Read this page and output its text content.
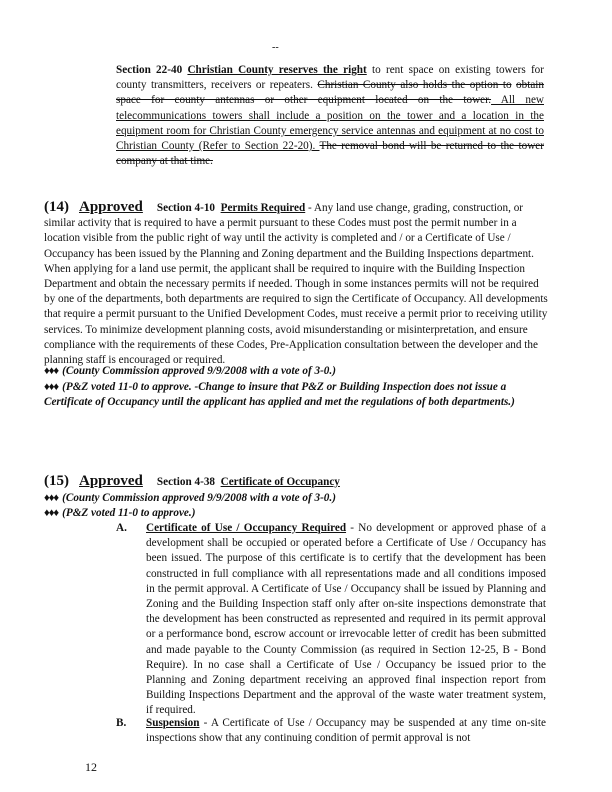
--
Section 22-40 Christian County reserves the right to rent space on existing towers for county transmitters, receivers or repeaters. Christian County also holds the option to obtain space for county antennas or other equipment located on the tower. All new telecommunications towers shall include a position on the tower and a location in the equipment room for Christian County emergency service antennas and equipment at no cost to Christian County (Refer to Section 22-20). The removal bond will be returned to the tower company at that time.
(14) Approved Section 4-10 Permits Required - Any land use change, grading, construction, or similar activity that is required to have a permit pursuant to these Codes must post the permit number in a location visible from the public right of way until the activity is completed and / or a Certificate of Use / Occupancy has been issued by the Planning and Zoning department and the Building Inspections department. When applying for a land use permit, the applicant shall be required to inquire with the Building Inspection Department and obtain the necessary permits if needed. Though in some instances permits will not be required by one of the departments, both departments are required to sign the Certificate of Occupancy. All developments that require a permit pursuant to the Unified Development Codes, must receive a permit prior to receiving utility services. To minimize development planning costs, avoid misunderstanding or misinterpretation, and ensure compliance with the requirements of these Codes, Pre-Application consultation between the developer and the planning staff is encouraged or required.
♦♦♦ (County Commission approved 9/9/2008 with a vote of 3-0.)
♦♦♦ (P&Z voted 11-0 to approve. -Change to insure that P&Z or Building Inspection does not issue a Certificate of Occupancy until the applicant has applied and met the regulations of both departments.)
(15) Approved Section 4-38 Certificate of Occupancy
♦♦♦ (County Commission approved 9/9/2008 with a vote of 3-0.)
♦♦♦ (P&Z voted 11-0 to approve.)
A. Certificate of Use / Occupancy Required - No development or approved phase of a development shall be occupied or operated before a Certificate of Use / Occupancy has been issued. The purpose of this certificate is to certify that the development has been constructed in full compliance with all representations made and all conditions imposed in the permit approval. A Certificate of Use / Occupancy shall be issued by Planning and Zoning and the Building Inspection staff only after on-site inspections demonstrate that the development has been constructed as represented and required in its permit approval or a performance bond, escrow account or irrevocable letter of credit has been submitted and made payable to the County Commission (as required in Section 12-25, B - Bond Require). In no case shall a Certificate of Use / Occupancy be issued prior to the Planning and Zoning department receiving an approved final inspection report from Building Inspections Department and the approval of the waste water treatment system, if required.
B. Suspension - A Certificate of Use / Occupancy may be suspended at any time on-site inspections show that any continuing condition of permit approval is not
12
